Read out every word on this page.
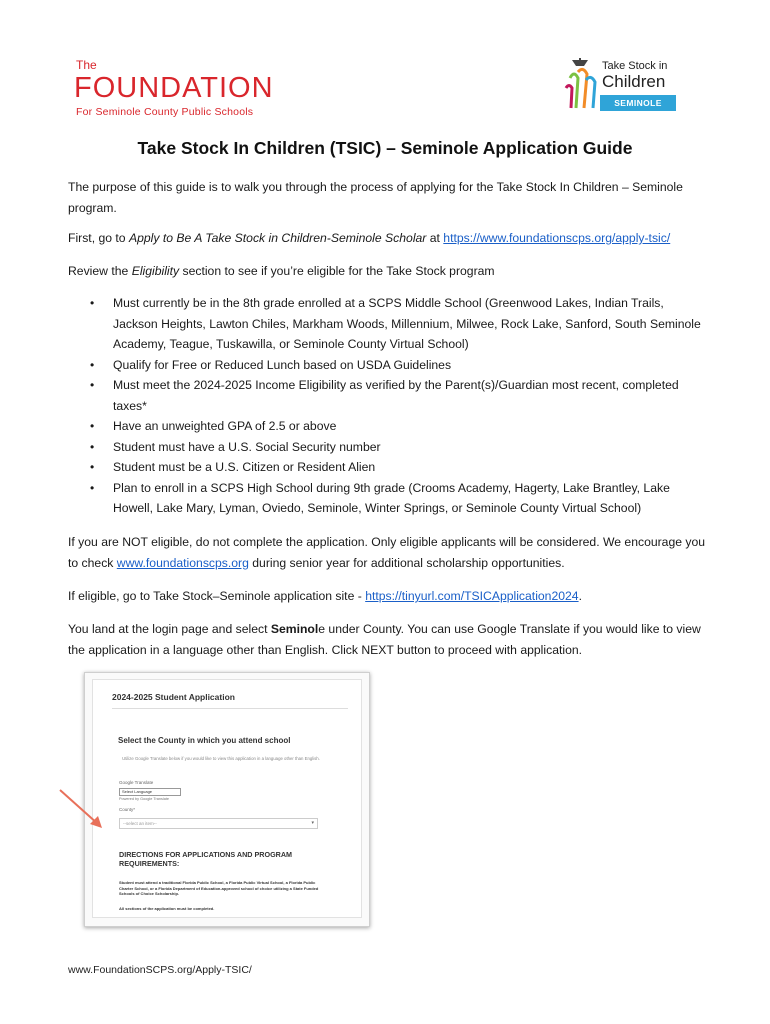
The
FOUNDATION
For Seminole County Public Schools
Take Stock in
Children
SEMINOLE COUNTY
Take Stock In Children (TSIC) – Seminole Application Guide
The purpose of this guide is to walk you through the process of applying for the Take Stock In Children – Seminole program.
First, go to Apply to Be A Take Stock in Children-Seminole Scholar at https://www.foundationscps.org/apply-tsic/
Review the Eligibility section to see if you’re eligible for the Take Stock program
• Must currently be in the 8th grade enrolled at a SCPS Middle School (Greenwood Lakes, Indian Trails, Jackson Heights, Lawton Chiles, Markham Woods, Millennium, Milwee, Rock Lake, Sanford, South Seminole Academy, Teague, Tuskawilla, or Seminole County Virtual School)
• Qualify for Free or Reduced Lunch based on USDA Guidelines
• Must meet the 2024-2025 Income Eligibility as verified by the Parent(s)/Guardian most recent, completed taxes*
• Have an unweighted GPA of 2.5 or above
• Student must have a U.S. Social Security number
• Student must be a U.S. Citizen or Resident Alien
• Plan to enroll in a SCPS High School during 9th grade (Crooms Academy, Hagerty, Lake Brantley, Lake Howell, Lake Mary, Lyman, Oviedo, Seminole, Winter Springs, or Seminole County Virtual School)
If you are NOT eligible, do not complete the application. Only eligible applicants will be considered. We encourage you to check www.foundationscps.org during senior year for additional scholarship opportunities.
If eligible, go to Take Stock–Seminole application site - https://tinyurl.com/TSICApplication2024.
You land at the login page and select Seminole under County. You can use Google Translate if you would like to view the application in a language other than English. Click NEXT button to proceed with application.
2024-2025 Student Application
Select the County in which you attend school
Utilize Google Translate below if you would like to view this application in a language other than English.
Google Translate
Select Language
Powered by Google Translate
County*
--select an item--	▾
DIRECTIONS FOR APPLICATIONS AND PROGRAM REQUIREMENTS:
Student must attend a traditional Florida Public School, a Florida Public Virtual School, a Florida Public Charter School, or a Florida Department of Education-approved school of choice utilizing a State Funded Schools of Choice Scholarship.
All sections of the application must be completed.
www.FoundationSCPS.org/Apply-TSIC/
